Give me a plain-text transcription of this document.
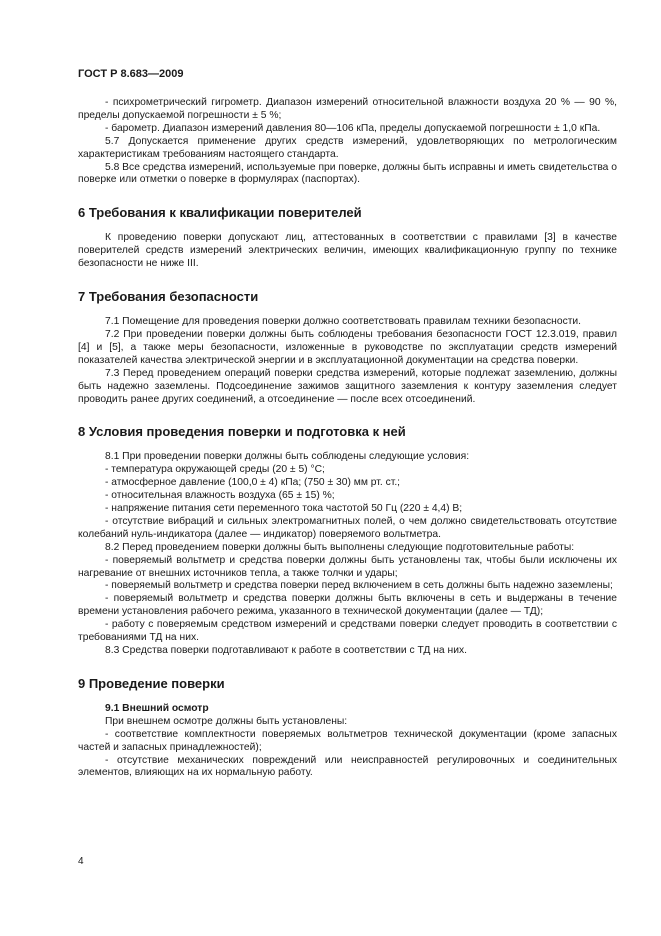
ГОСТ Р 8.683—2009

- психрометрический гигрометр. Диапазон измерений относительной влажности воздуха 20 % — 90 %, пределы допускаемой погрешности ± 5 %;

- барометр. Диапазон измерений давления 80—106 кПа, пределы допускаемой погрешности ± 1,0 кПа.

5.7 Допускается применение других средств измерений, удовлетворяющих по метрологическим характеристикам требованиям настоящего стандарта.

5.8 Все средства измерений, используемые при поверке, должны быть исправны и иметь свидетельства о поверке или отметки о поверке в формулярах (паспортах).

6 Требования к квалификации поверителей

К проведению поверки допускают лиц, аттестованных в соответствии с правилами [3] в качестве поверителей средств измерений электрических величин, имеющих квалификационную группу по технике безопасности не ниже III.

7 Требования безопасности

7.1 Помещение для проведения поверки должно соответствовать правилам техники безопасности.

7.2 При проведении поверки должны быть соблюдены требования безопасности ГОСТ 12.3.019, правил [4] и [5], а также меры безопасности, изложенные в руководстве по эксплуатации средств измерений показателей качества электрической энергии и в эксплуатационной документации на средства поверки.

7.3 Перед проведением операций поверки средства измерений, которые подлежат заземлению, должны быть надежно заземлены. Подсоединение зажимов защитного заземления к контуру заземления следует проводить ранее других соединений, а отсоединение — после всех отсоединений.

8 Условия проведения поверки и подготовка к ней

8.1 При проведении поверки должны быть соблюдены следующие условия:

- температура окружающей среды (20 ± 5) °С;

- атмосферное давление (100,0 ± 4) кПа; (750 ± 30) мм рт. ст.;

- относительная влажность воздуха (65 ± 15) %;

- напряжение питания сети переменного тока частотой 50 Гц (220 ± 4,4) В;

- отсутствие вибраций и сильных электромагнитных полей, о чем должно свидетельствовать отсутствие колебаний нуль-индикатора (далее — индикатор) поверяемого вольтметра.

8.2 Перед проведением поверки должны быть выполнены следующие подготовительные работы:

- поверяемый вольтметр и средства поверки должны быть установлены так, чтобы были исключены их нагревание от внешних источников тепла, а также толчки и удары;

- поверяемый вольтметр и средства поверки перед включением в сеть должны быть надежно заземлены;

- поверяемый вольтметр и средства поверки должны быть включены в сеть и выдержаны в течение времени установления рабочего режима, указанного в технической документации (далее — ТД);

- работу с поверяемым средством измерений и средствами поверки следует проводить в соответствии с требованиями ТД на них.

8.3 Средства поверки подготавливают к работе в соответствии с ТД на них.

9 Проведение поверки
9.1 Внешний осмотр

При внешнем осмотре должны быть установлены:

- соответствие комплектности поверяемых вольтметров технической документации (кроме запасных частей и запасных принадлежностей);

- отсутствие механических повреждений или неисправностей регулировочных и соединительных элементов, влияющих на их нормальную работу.

4
